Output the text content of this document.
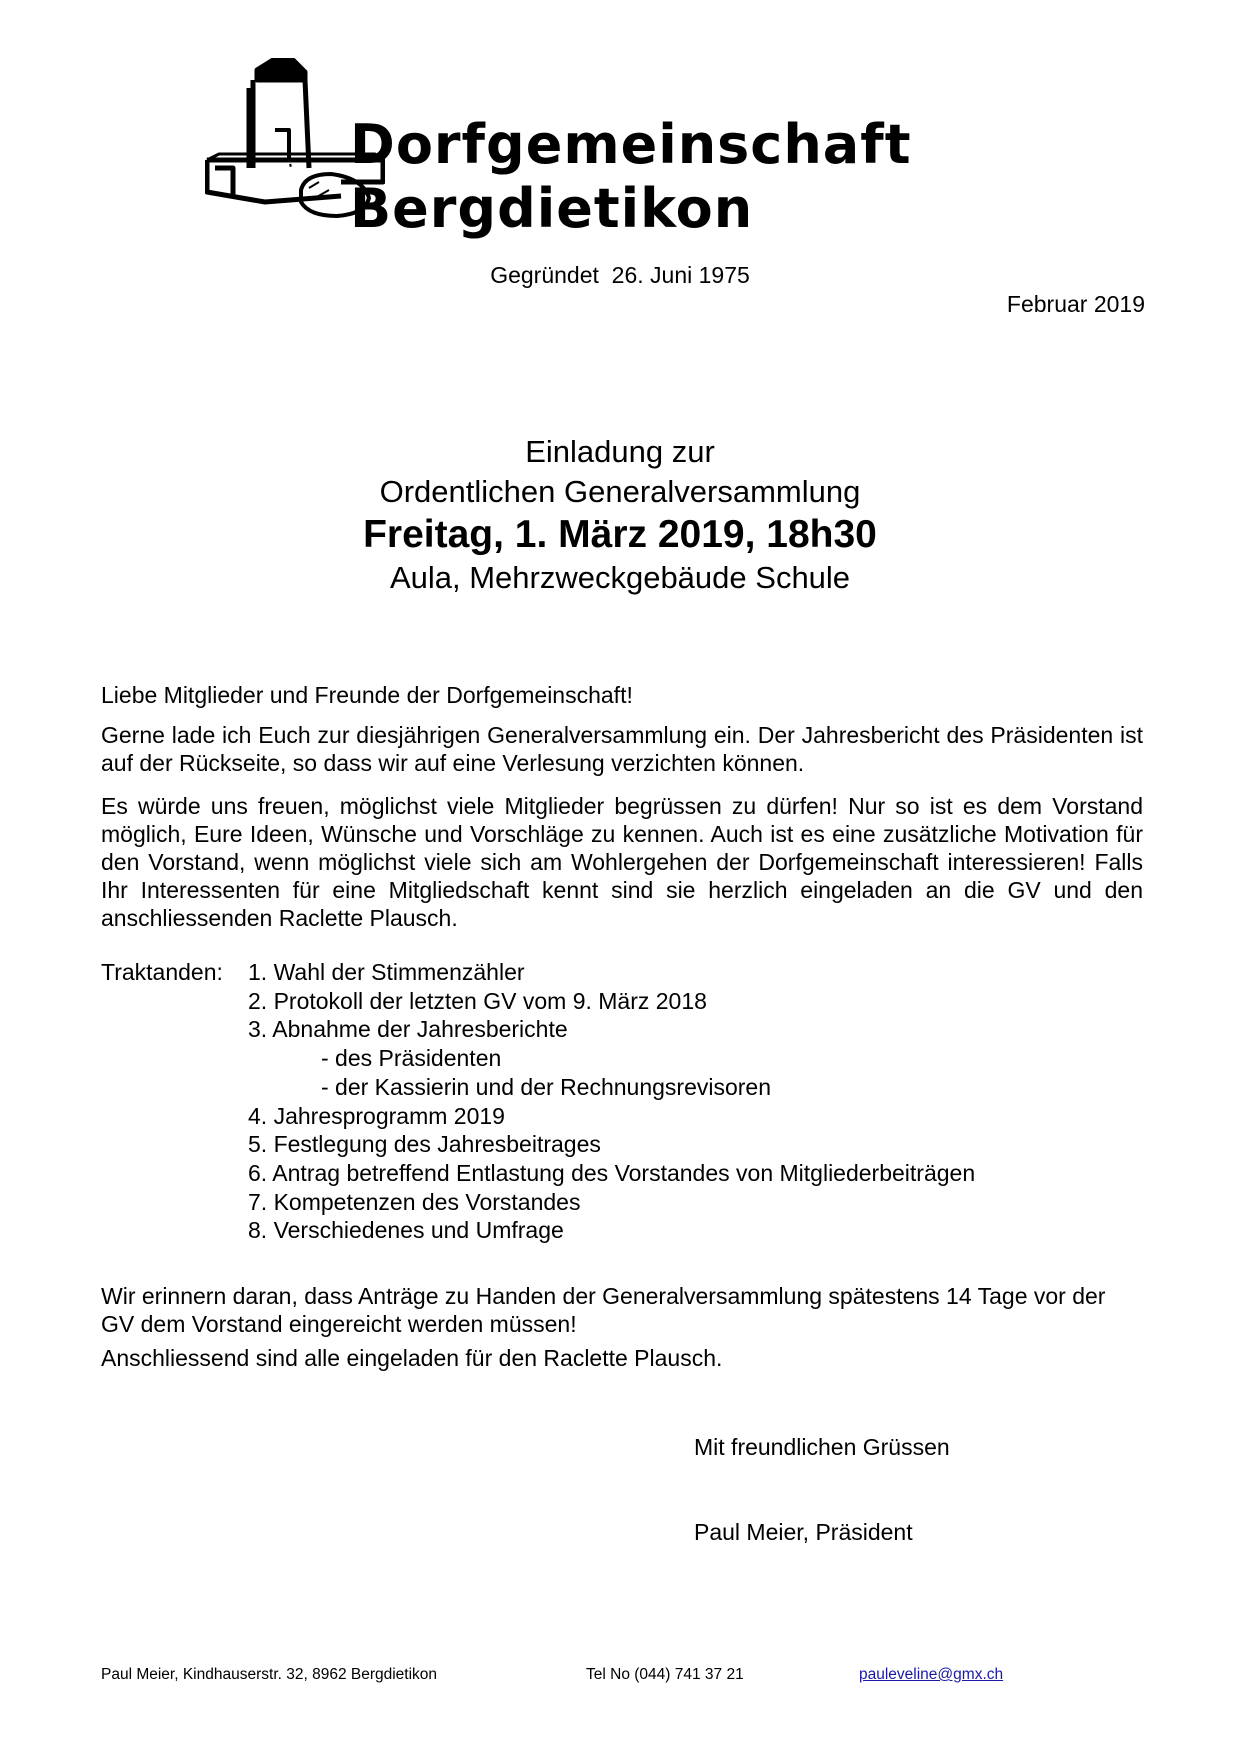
Dorfgemeinschaft
Bergdietikon
Gegründet  26. Juni 1975
Februar 2019
Einladung zur
Ordentlichen Generalversammlung
Freitag, 1. März 2019, 18h30
Aula, Mehrzweckgebäude Schule
Liebe Mitglieder und Freunde der Dorfgemeinschaft!
Gerne lade ich Euch zur diesjährigen Generalversammlung ein. Der Jahresbericht des Präsidenten ist auf der Rückseite, so dass wir auf eine Verlesung verzichten können.
Es würde uns freuen, möglichst viele Mitglieder begrüssen zu dürfen! Nur so ist es dem Vorstand möglich, Eure Ideen, Wünsche und Vorschläge zu kennen. Auch ist es eine zusätzliche Motivation für den Vorstand, wenn möglichst viele sich am Wohlergehen der Dorfgemeinschaft interessieren! Falls Ihr Interessenten für eine Mitgliedschaft kennt sind sie herzlich eingeladen an die GV und den anschliessenden Raclette Plausch.
Traktanden: 1. Wahl der Stimmenzähler
2. Protokoll der letzten GV vom 9. März 2018
3. Abnahme der Jahresberichte
- des Präsidenten
- der Kassierin und der Rechnungsrevisoren
4. Jahresprogramm 2019
5. Festlegung des Jahresbeitrages
6. Antrag betreffend Entlastung des Vorstandes von Mitgliederbeiträgen
7. Kompetenzen des Vorstandes
8. Verschiedenes und Umfrage
Wir erinnern daran, dass Anträge zu Handen der Generalversammlung spätestens 14 Tage vor der GV dem Vorstand eingereicht werden müssen!
Anschliessend sind alle eingeladen für den Raclette Plausch.
Mit freundlichen Grüssen
Paul Meier, Präsident
Paul Meier, Kindhauserstr. 32, 8962 Bergdietikon	Tel No (044) 741 37 21	pauleveline@gmx.ch
